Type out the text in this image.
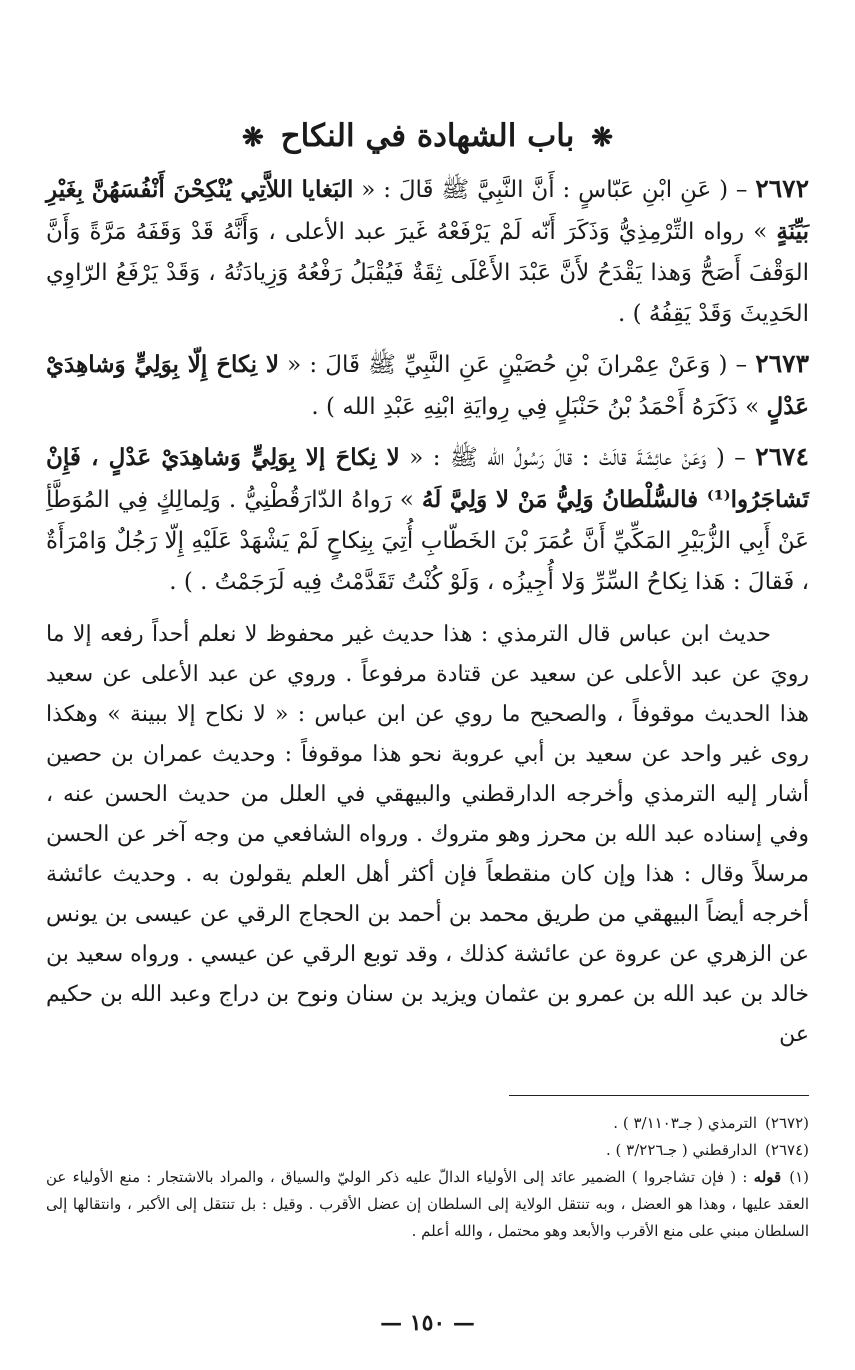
❋ باب الشهادة في النكاح ❋

٢٦٧٢ – ( عَنِ ابْنِ عَبّاسٍ : أَنَّ النَّبِيَّ ﷺ قَالَ : « البَغايا اللاَّتِي يُنْكِحْنَ أَنْفُسَهُنَّ بِغَيْرِ بَيِّنَةٍ » رواه التِّرْمِذِيُّ وَذَكَرَ أَنّه لَمْ يَرْفَعْهُ غَيرَ عبد الأعلى ، وَأَنَّهُ قَدْ وَقَفَهُ مَرَّةً وَأَنَّ الوَقْفَ أَصَحُّ وَهذا يَقْدَحُ لأَنَّ عَبْدَ الأَعْلَى ثِقَةٌ فَيُقْبَلُ رَفْعُهُ وَزِيادَتُهُ ، وَقَدْ يَرْفَعُ الرّاوِي الحَدِيثَ وَقَدْ يَقِفُهُ ) .

٢٦٧٣ – ( وَعَنْ عِمْرانَ بْنِ حُصَيْنٍ عَنِ النَّبِيِّ ﷺ قَالَ : « لا نِكاحَ إِلّا بِوَلِيٍّ وَشاهِدَيْ عَدْلٍ » ذَكَرَهُ أَحْمَدُ بْنُ حَنْبَلٍ فِي رِوايَةِ ابْنِهِ عَبْدِ الله ) .

٢٦٧٤ – ( وَعَنْ عائِشَةَ قالَتْ : قالَ رَسُولُ الله ﷺ : « لا نِكاحَ إلا بِوَلِيٍّ وَشاهِدَيْ عَدْلٍ ، فَإِنْ تَشاجَرُوا⁽¹⁾ فالسُّلْطانُ وَلِيُّ مَنْ لا وَلِيَّ لَهُ » رَواهُ الدّارَقُطْنِيُّ . وَلِمالِكٍ فِي المُوَطَّأِ عَنْ أَبِي الزُّبَيْرِ المَكِّيِّ أَنَّ عُمَرَ بْنَ الخَطّابِ أُتِيَ بِنِكاحٍ لَمْ يَشْهَدْ عَلَيْهِ إِلّا رَجُلٌ وَامْرَأَةٌ ، فَقالَ : هَذا نِكاحُ السِّرِّ وَلا أُجِيزُه ، وَلَوْ كُنْتُ تَقَدَّمْتُ فِيه لَرَجَمْتُ . ) .

حديث ابن عباس قال الترمذي : هذا حديث غير محفوظ لا نعلم أحداً رفعه إلا ما رويَ عن عبد الأعلى عن سعيد عن قتادة مرفوعاً . وروي عن عبد الأعلى عن سعيد هذا الحديث موقوفاً ، والصحيح ما روي عن ابن عباس : « لا نكاح إلا ببينة » وهكذا روى غير واحد عن سعيد بن أبي عروبة نحو هذا موقوفاً : وحديث عمران بن حصين أشار إليه الترمذي وأخرجه الدارقطني والبيهقي في العلل من حديث الحسن عنه ، وفي إسناده عبد الله بن محرز وهو متروك . ورواه الشافعي من وجه آخر عن الحسن مرسلاً وقال : هذا وإن كان منقطعاً فإن أكثر أهل العلم يقولون به . وحديث عائشة أخرجه أيضاً البيهقي من طريق محمد بن أحمد بن الحجاج الرقي عن عيسى بن يونس عن الزهري عن عروة عن عائشة كذلك ، وقد توبع الرقي عن عيسي . ورواه سعيد بن خالد بن عبد الله بن عمرو بن عثمان ويزيد بن سنان ونوح بن دراج وعبد الله بن حكيم عن

(٢٦٧٢)الترمذي ( جـ٣/١١٠٣ ) .

(٢٦٧٤)الدارقطني ( جـ٣/٢٢٦ ) .

(١)قوله : ( فإن تشاجروا ) الضمير عائد إلى الأولياء الدالّ عليه ذكر الوليّ والسياق ، والمراد بالاشتجار : منع الأولياء عن العقد عليها ، وهذا هو العضل ، وبه تنتقل الولاية إلى السلطان إن عضل الأقرب . وقيل : بل تنتقل إلى الأكبر ، وانتقالها إلى السلطان مبني على منع الأقرب والأبعد وهو محتمل ، والله أعلم .

— ١٥٠ —
